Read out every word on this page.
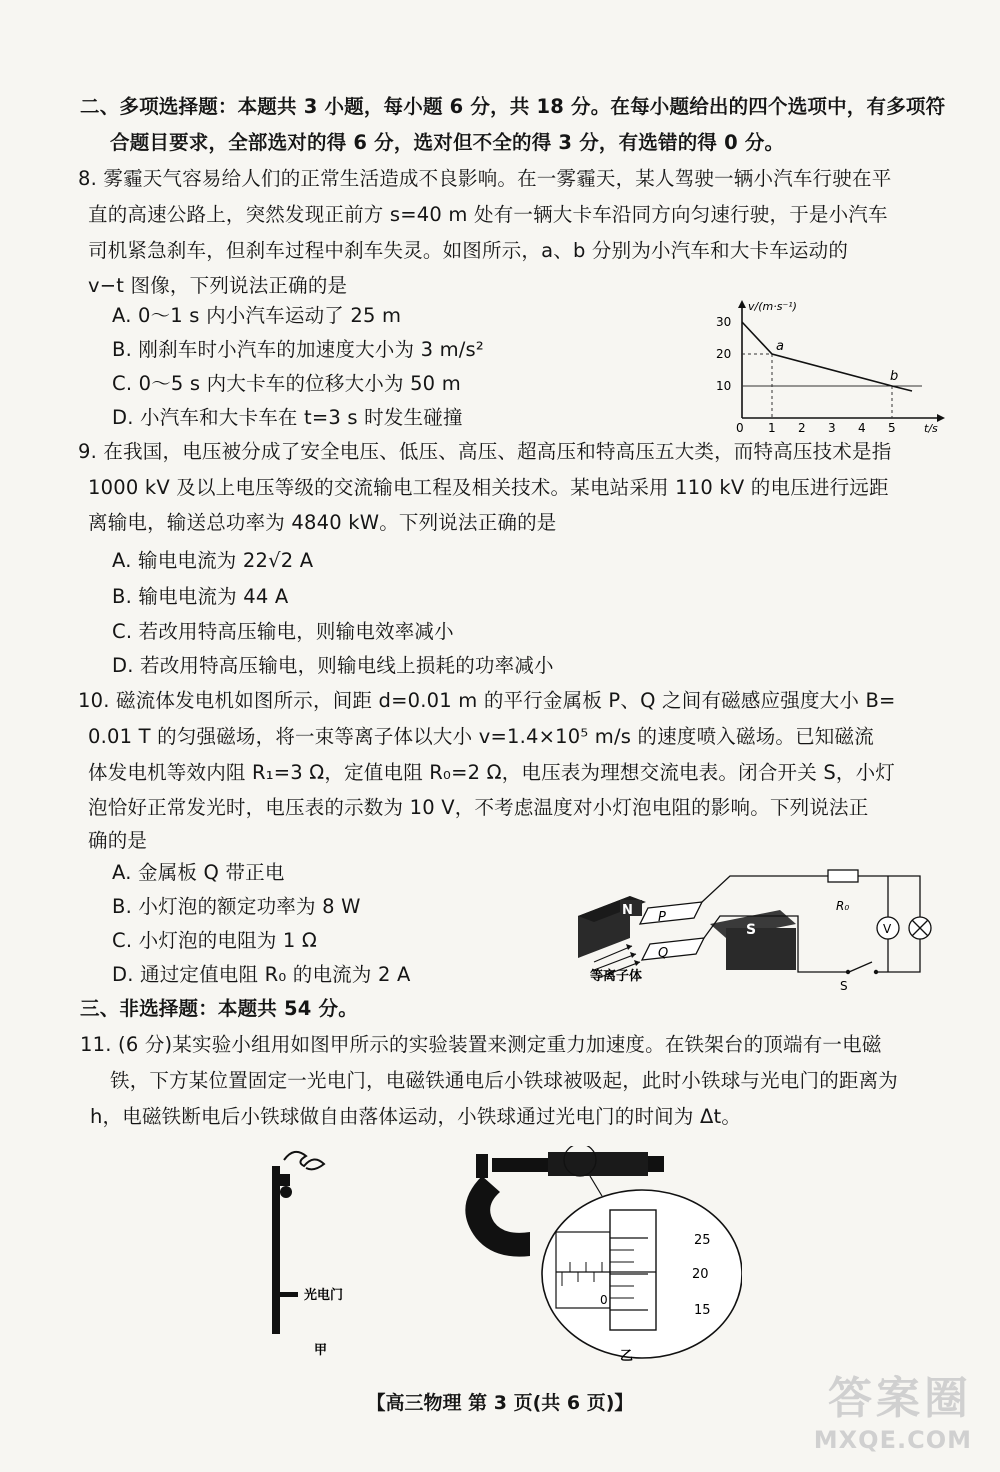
二、多项选择题：本题共 3 小题，每小题 6 分，共 18 分。在每小题给出的四个选项中，有多项符
合题目要求，全部选对的得 6 分，选对但不全的得 3 分，有选错的得 0 分。
8. 雾霾天气容易给人们的正常生活造成不良影响。在一雾霾天，某人驾驶一辆小汽车行驶在平
直的高速公路上，突然发现正前方 s=40 m 处有一辆大卡车沿同方向匀速行驶，于是小汽车
司机紧急刹车，但刹车过程中刹车失灵。如图所示，a、b 分别为小汽车和大卡车运动的
v−t 图像，下列说法正确的是
A. 0～1 s 内小汽车运动了 25 m
B. 刚刹车时小汽车的加速度大小为 3 m/s²
C. 0～5 s 内大卡车的位移大小为 50 m
D. 小汽车和大卡车在 t=3 s 时发生碰撞
30
20
10
0 1 2 3 4 5
v/(m·s⁻¹)
t/s
a
b
9. 在我国，电压被分成了安全电压、低压、高压、超高压和特高压五大类，而特高压技术是指
1000 kV 及以上电压等级的交流输电工程及相关技术。某电站采用 110 kV 的电压进行远距
离输电，输送总功率为 4840 kW。下列说法正确的是
A. 输电电流为 22√2 A
B. 输电电流为 44 A
C. 若改用特高压输电，则输电效率减小
D. 若改用特高压输电，则输电线上损耗的功率减小
10. 磁流体发电机如图所示，间距 d=0.01 m 的平行金属板 P、Q 之间有磁感应强度大小 B=
0.01 T 的匀强磁场，将一束等离子体以大小 v=1.4×10⁵ m/s 的速度喷入磁场。已知磁流
体发电机等效内阻 R₁=3 Ω，定值电阻 R₀=2 Ω，电压表为理想交流电表。闭合开关 S，小灯
泡恰好正常发光时，电压表的示数为 10 V，不考虑温度对小灯泡电阻的影响。下列说法正
确的是
A. 金属板 Q 带正电
B. 小灯泡的额定功率为 8 W
C. 小灯泡的电阻为 1 Ω
D. 通过定值电阻 R₀ 的电流为 2 A
N P
Q
等离子体
S
R₀
V
S
三、非选择题：本题共 54 分。
11. (6 分)某实验小组用如图甲所示的实验装置来测定重力加速度。在铁架台的顶端有一电磁
铁，下方某位置固定一光电门，电磁铁通电后小铁球被吸起，此时小铁球与光电门的距离为
h，电磁铁断电后小铁球做自由落体运动，小铁球通过光电门的时间为 Δt。
光电门
甲
25
20
15
0
乙
【高三物理 第 3 页(共 6 页)】	答案圈
MXQE.COM
